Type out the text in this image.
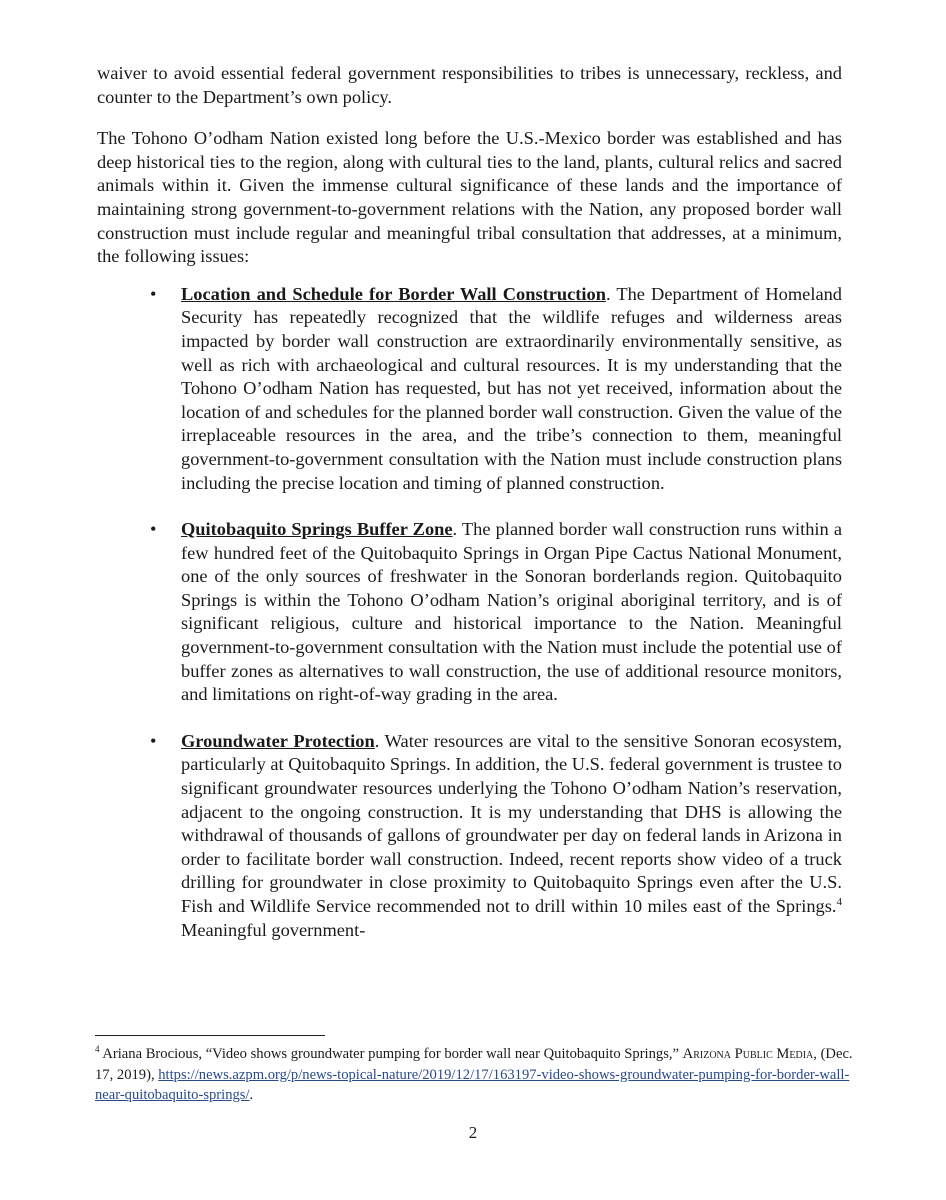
waiver to avoid essential federal government responsibilities to tribes is unnecessary, reckless, and counter to the Department’s own policy.

The Tohono O’odham Nation existed long before the U.S.-Mexico border was established and has deep historical ties to the region, along with cultural ties to the land, plants, cultural relics and sacred animals within it. Given the immense cultural significance of these lands and the importance of maintaining strong government-to-government relations with the Nation, any proposed border wall construction must include regular and meaningful tribal consultation that addresses, at a minimum, the following issues:

• Location and Schedule for Border Wall Construction. The Department of Homeland Security has repeatedly recognized that the wildlife refuges and wilderness areas impacted by border wall construction are extraordinarily environmentally sensitive, as well as rich with archaeological and cultural resources. It is my understanding that the Tohono O’odham Nation has requested, but has not yet received, information about the location of and schedules for the planned border wall construction. Given the value of the irreplaceable resources in the area, and the tribe’s connection to them, meaningful government-to-government consultation with the Nation must include construction plans including the precise location and timing of planned construction.
• Quitobaquito Springs Buffer Zone. The planned border wall construction runs within a few hundred feet of the Quitobaquito Springs in Organ Pipe Cactus National Monument, one of the only sources of freshwater in the Sonoran borderlands region. Quitobaquito Springs is within the Tohono O’odham Nation’s original aboriginal territory, and is of significant religious, culture and historical importance to the Nation. Meaningful government-to-government consultation with the Nation must include the potential use of buffer zones as alternatives to wall construction, the use of additional resource monitors, and limitations on right-of-way grading in the area.
• Groundwater Protection. Water resources are vital to the sensitive Sonoran ecosystem, particularly at Quitobaquito Springs. In addition, the U.S. federal government is trustee to significant groundwater resources underlying the Tohono O’odham Nation’s reservation, adjacent to the ongoing construction. It is my understanding that DHS is allowing the withdrawal of thousands of gallons of groundwater per day on federal lands in Arizona in order to facilitate border wall construction. Indeed, recent reports show video of a truck drilling for groundwater in close proximity to Quitobaquito Springs even after the U.S. Fish and Wildlife Service recommended not to drill within 10 miles east of the Springs.$^4$ Meaningful government-
$^4$ Ariana Brocious, “Video shows groundwater pumping for border wall near Quitobaquito Springs,” Arizona Public Media, (Dec. 17, 2019), https://news.azpm.org/p/news-topical-nature/2019/12/17/163197-video-shows-groundwater-pumping-for-border-wall-near-quitobaquito-springs/.
2
